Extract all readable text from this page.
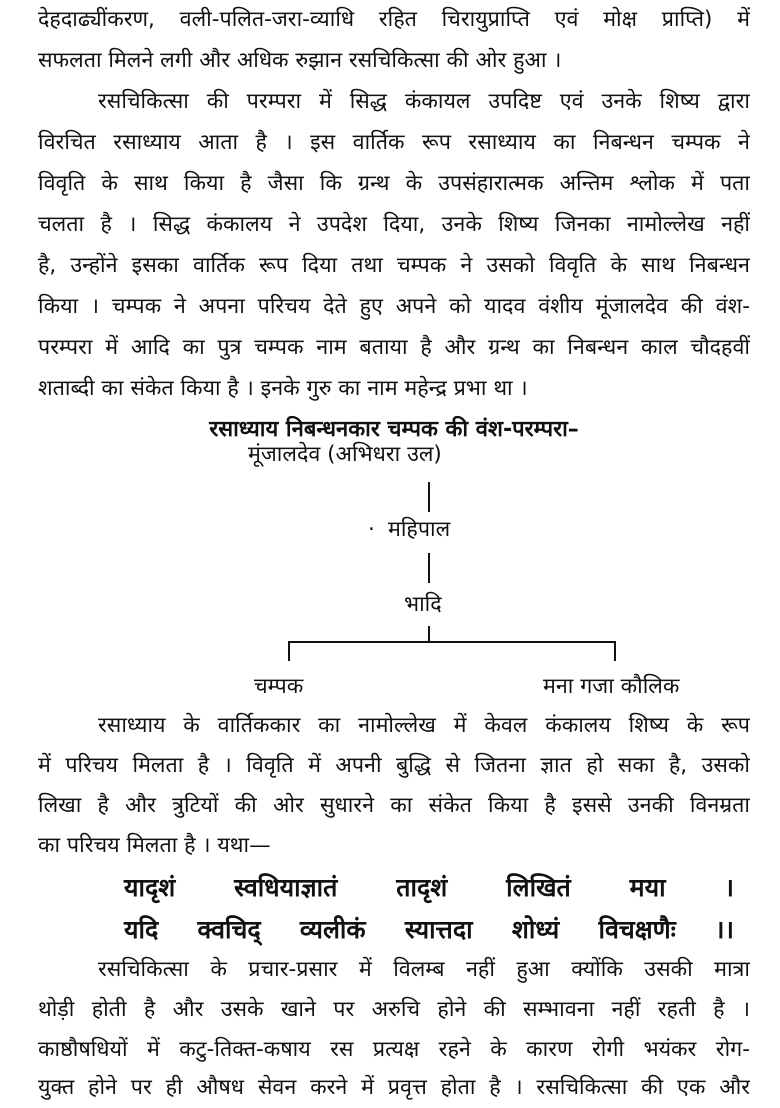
देहदाढ्यींकरण, वली-पलित-जरा-व्याधि रहित चिरायुप्राप्ति एवं मोक्ष प्राप्ति) में
सफलता मिलने लगी और अधिक रुझान रसचिकित्सा की ओर हुआ ।
रसचिकित्सा की परम्परा में सिद्ध कंकायल उपदिष्ट एवं उनके शिष्य द्वारा
विरचित रसाध्याय आता है । इस वार्तिक रूप रसाध्याय का निबन्धन चम्पक ने
विवृति के साथ किया है जैसा कि ग्रन्थ के उपसंहारात्मक अन्तिम श्लोक में पता
चलता है । सिद्ध कंकालय ने उपदेश दिया, उनके शिष्य जिनका नामोल्लेख नहीं
है, उन्होंने इसका वार्तिक रूप दिया तथा चम्पक ने उसको विवृति के साथ निबन्धन
किया । चम्पक ने अपना परिचय देते हुए अपने को यादव वंशीय मूंजालदेव की वंश-
परम्परा में आदि का पुत्र चम्पक नाम बताया है और ग्रन्थ का निबन्धन काल चौदहवीं
शताब्दी का संकेत किया है । इनके गुरु का नाम महेन्द्र प्रभा था ।
रसाध्याय निबन्धनकार चम्पक की वंश-परम्परा–
मूंजालदेव (अभिधरा उल)
· महिपाल
भादि
चम्पक	मना गजा कौलिक
रसाध्याय के वार्तिककार का नामोल्लेख में केवल कंकालय शिष्य के रूप
में परिचय मिलता है । विवृति में अपनी बुद्धि से जितना ज्ञात हो सका है, उसको
लिखा है और त्रुटियों की ओर सुधारने का संकेत किया है इससे उनकी विनम्रता
का परिचय मिलता है । यथा—
यादृशं स्वधियाज्ञातं तादृशं लिखितं मया ।
यदि क्वचिद् व्यलीकं स्यात्तदा शोध्यं विचक्षणैः ।।
रसचिकित्सा के प्रचार-प्रसार में विलम्ब नहीं हुआ क्योंकि उसकी मात्रा
थोड़ी होती है और उसके खाने पर अरुचि होने की सम्भावना नहीं रहती है ।
काष्ठौषधियों में कटु-तिक्त-कषाय रस प्रत्यक्ष रहने के कारण रोगी भयंकर रोग-
युक्त होने पर ही औषध सेवन करने में प्रवृत्त होता है । रसचिकित्सा की एक और
